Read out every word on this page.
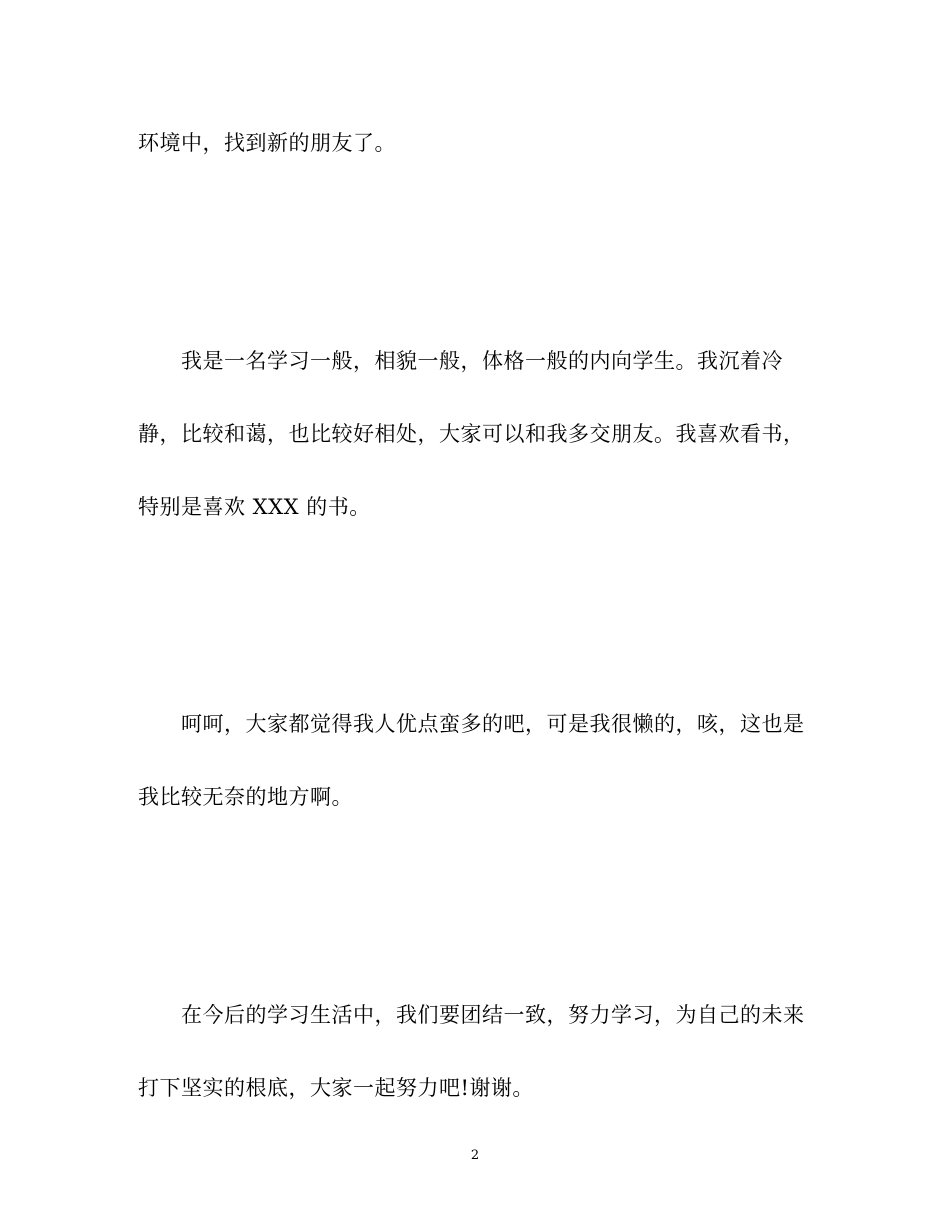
环境中，找到新的朋友了。
我是一名学习一般，相貌一般，体格一般的内向学生。我沉着冷
静，比较和蔼，也比较好相处，大家可以和我多交朋友。我喜欢看书，
特别是喜欢 XXX 的书。
呵呵，大家都觉得我人优点蛮多的吧，可是我很懒的，咳，这也是
我比较无奈的地方啊。
在今后的学习生活中，我们要团结一致，努力学习，为自己的未来
打下坚实的根底，大家一起努力吧!谢谢。
2
